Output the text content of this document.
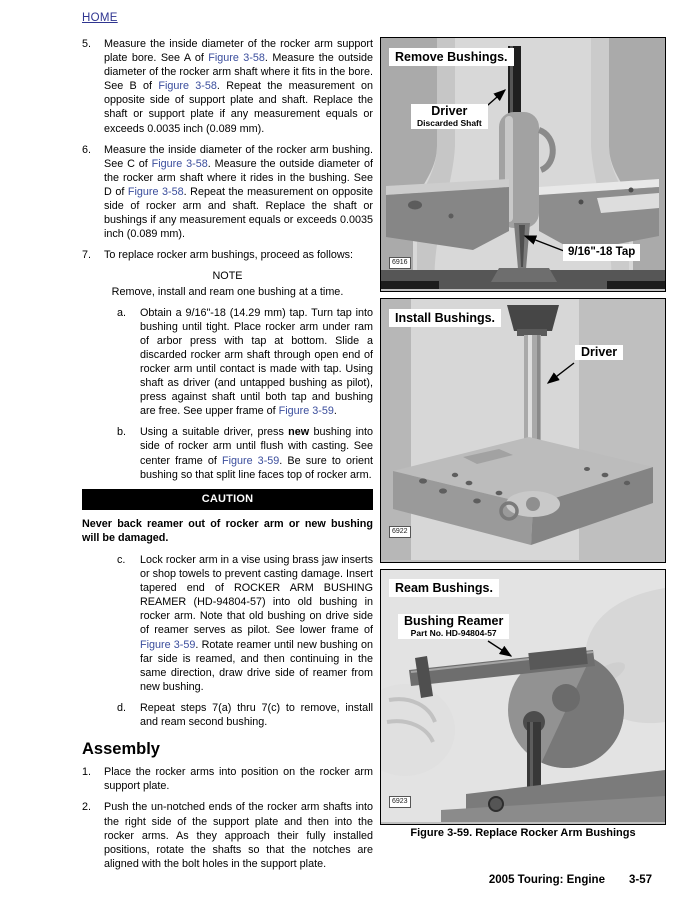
HOME
5. Measure the inside diameter of the rocker arm support plate bore. See A of Figure 3-58. Measure the outside diameter of the rocker arm shaft where it fits in the bore. See B of Figure 3-58. Repeat the measurement on opposite side of support plate and shaft. Replace the shaft or support plate if any measurement equals or exceeds 0.0035 inch (0.089 mm).
6. Measure the inside diameter of the rocker arm bushing. See C of Figure 3-58. Measure the outside diameter of the rocker arm shaft where it rides in the bushing. See D of Figure 3-58. Repeat the measurement on opposite side of rocker arm and shaft. Replace the shaft or bushings if any measurement equals or exceeds 0.0035 inch (0.089 mm).
7. To replace rocker arm bushings, proceed as follows:
NOTE
Remove, install and ream one bushing at a time.
a. Obtain a 9/16"-18 (14.29 mm) tap. Turn tap into bushing until tight. Place rocker arm under ram of arbor press with tap at bottom. Slide a discarded rocker arm shaft through open end of rocker arm until contact is made with tap. Using shaft as driver (and untapped bushing as pilot), press against shaft until both tap and bushing are free. See upper frame of Figure 3-59.
b. Using a suitable driver, press new bushing into side of rocker arm until flush with casting. See center frame of Figure 3-59. Be sure to orient bushing so that split line faces top of rocker arm.
CAUTION
Never back reamer out of rocker arm or new bushing will be damaged.
c. Lock rocker arm in a vise using brass jaw inserts or shop towels to prevent casting damage. Insert tapered end of ROCKER ARM BUSHING REAMER (HD-94804-57) into old bushing in rocker arm. Note that old bushing on drive side of reamer serves as pilot. See lower frame of Figure 3-59. Rotate reamer until new bushing on far side is reamed, and then continuing in the same direction, draw drive side of reamer from new bushing.
d. Repeat steps 7(a) thru 7(c) to remove, install and ream second bushing.
Assembly
1. Place the rocker arms into position on the rocker arm support plate.
2. Push the un-notched ends of the rocker arm shafts into the right side of the support plate and then into the rocker arms. As they approach their fully installed positions, rotate the shafts so that the notches are aligned with the bolt holes in the support plate.
Remove Bushings.
Driver
Discarded Shaft
9/16"-18 Tap
6916
Install Bushings.
Driver
6922
Ream Bushings.
Bushing Reamer
Part No. HD-94804-57
6923
Figure 3-59. Replace Rocker Arm Bushings
2005 Touring: Engine 3-57
